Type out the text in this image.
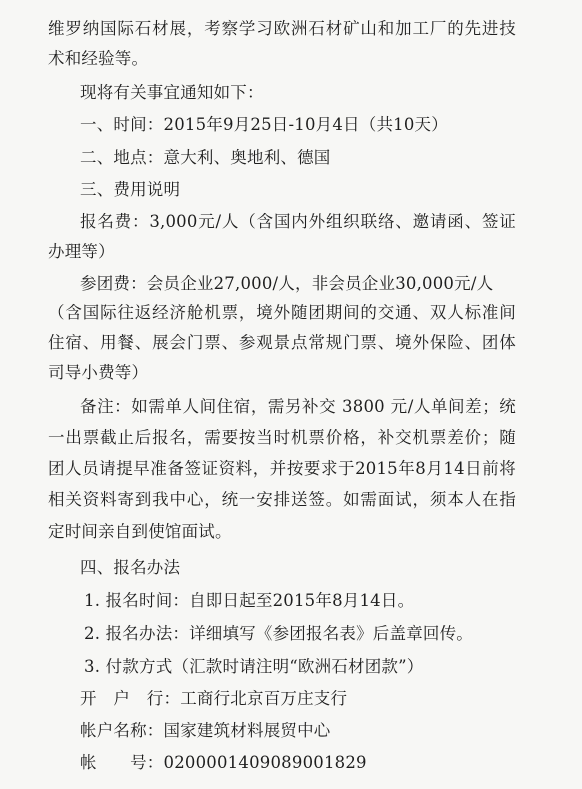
维罗纳国际石材展，考察学习欧洲石材矿山和加工厂的先进技
术和经验等。
现将有关事宜通知如下：
一、时间：2015年9月25日-10月4日（共10天）
二、地点：意大利、奥地利、德国
三、费用说明
报名费：3,000元/人（含国内外组织联络、邀请函、签证
办理等）
参团费：会员企业27,000/人，非会员企业30,000元/人
（含国际往返经济舱机票，境外随团期间的交通、双人标准间
住宿、用餐、展会门票、参观景点常规门票、境外保险、团体
司导小费等）
备注：如需单人间住宿，需另补交 3800 元/人单间差；统
一出票截止后报名，需要按当时机票价格，补交机票差价；随
团人员请提早准备签证资料，并按要求于2015年8月14日前将
相关资料寄到我中心，统一安排送签。如需面试，须本人在指
定时间亲自到使馆面试。
四、报名办法
1. 报名时间：自即日起至2015年8月14日。
2. 报名办法：详细填写《参团报名表》后盖章回传。
3. 付款方式（汇款时请注明“欧洲石材团款”）
开　户　行：工商行北京百万庄支行
帐户名称：国家建筑材料展贸中心
帐　　号：0200001409089001829
